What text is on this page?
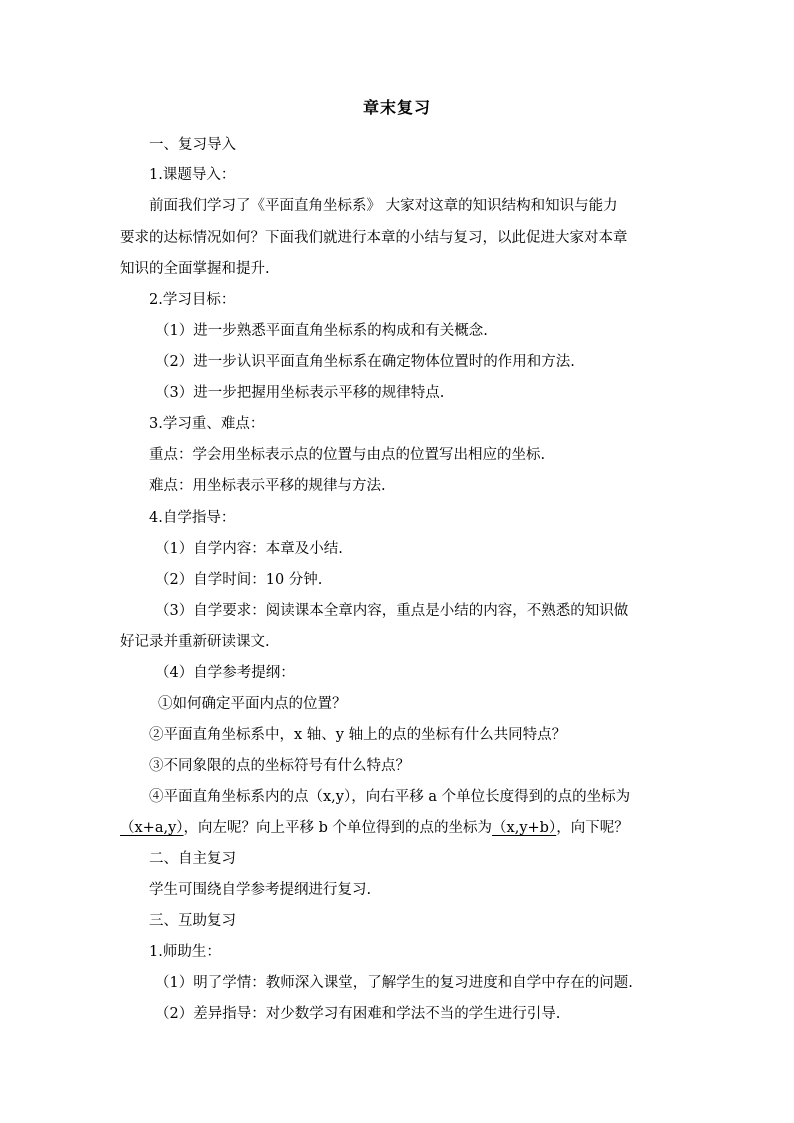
章末复习
一、复习导入
1.课题导入：
前面我们学习了《平面直角坐标系》 大家对这章的知识结构和知识与能力
要求的达标情况如何？下面我们就进行本章的小结与复习，以此促进大家对本章
知识的全面掌握和提升.
2.学习目标：
（1）进一步熟悉平面直角坐标系的构成和有关概念.
（2）进一步认识平面直角坐标系在确定物体位置时的作用和方法.
（3）进一步把握用坐标表示平移的规律特点.
3.学习重、难点：
重点：学会用坐标表示点的位置与由点的位置写出相应的坐标.
难点：用坐标表示平移的规律与方法.
4.自学指导：
（1）自学内容：本章及小结.
（2）自学时间：10 分钟.
（3）自学要求：阅读课本全章内容，重点是小结的内容，不熟悉的知识做
好记录并重新研读课文.
（4）自学参考提纲：
①如何确定平面内点的位置？
②平面直角坐标系中，x 轴、y 轴上的点的坐标有什么共同特点？
③不同象限的点的坐标符号有什么特点？
④平面直角坐标系内的点（x,y），向右平移 a 个单位长度得到的点的坐标为
（x+a,y），向左呢？向上平移 b 个单位得到的点的坐标为（x,y+b），向下呢？
二、自主复习
学生可围绕自学参考提纲进行复习.
三、互助复习
1.师助生：
（1）明了学情：教师深入课堂，了解学生的复习进度和自学中存在的问题.
（2）差异指导：对少数学习有困难和学法不当的学生进行引导.
